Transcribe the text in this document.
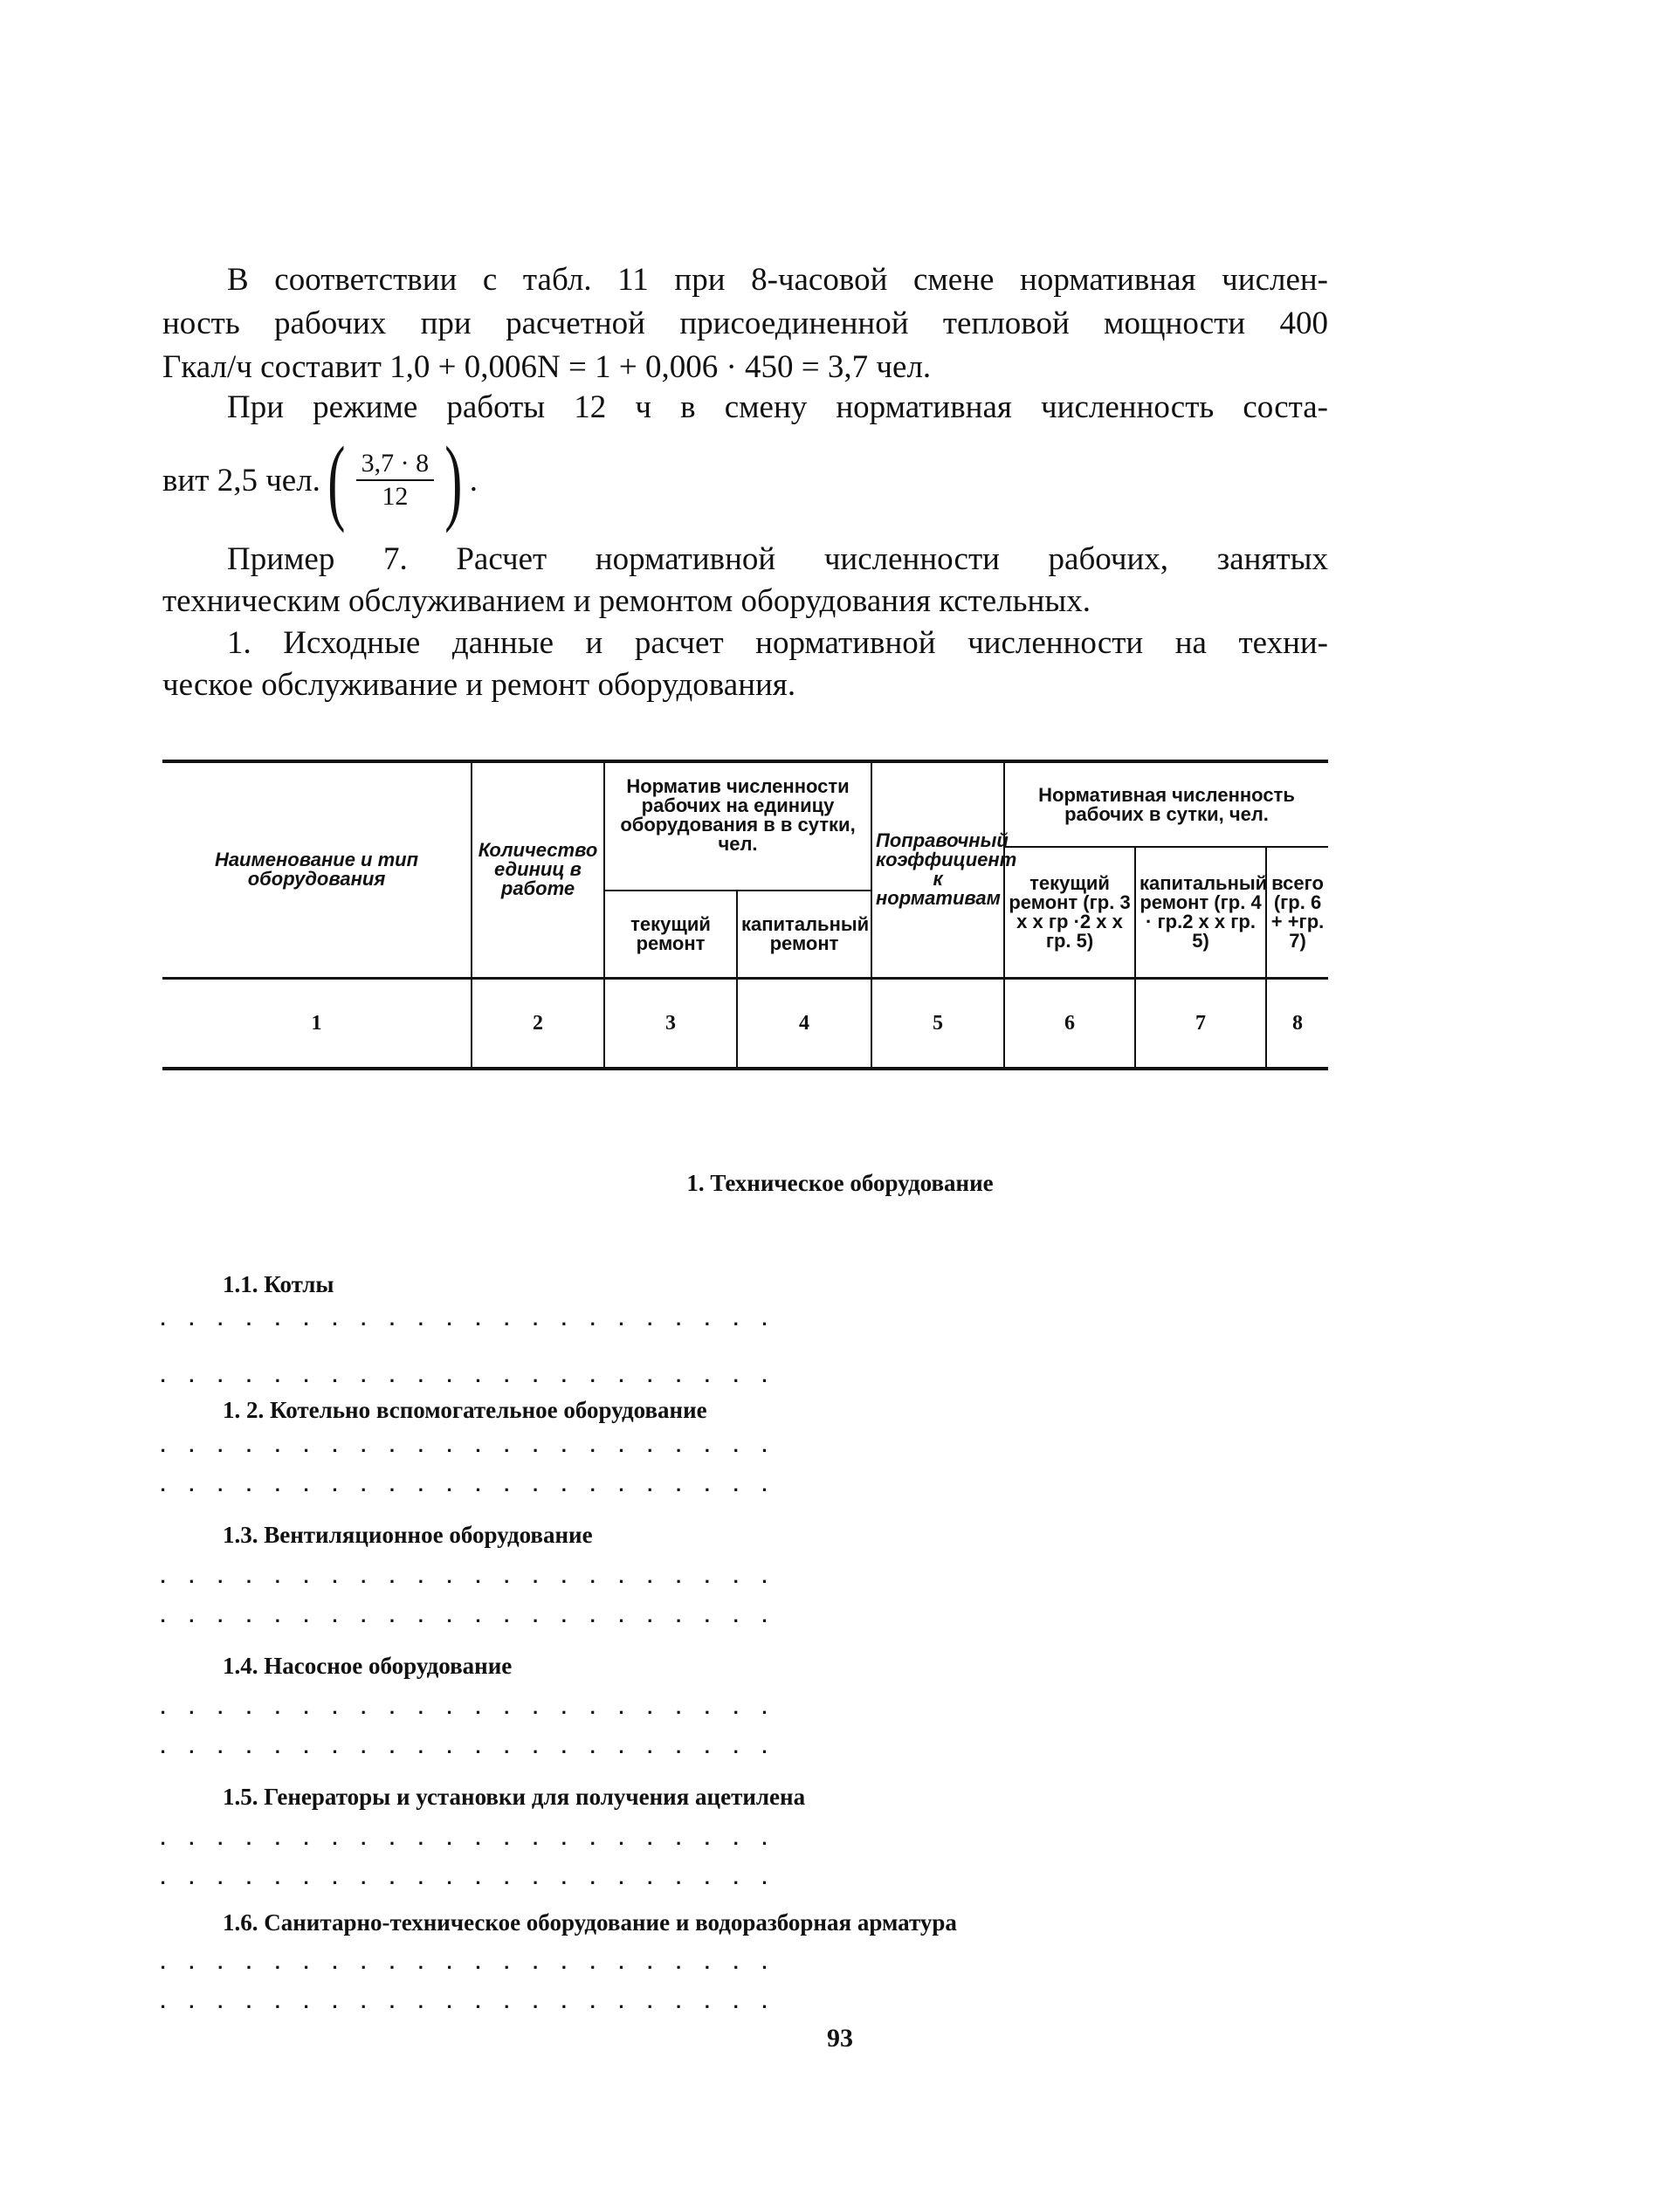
В соответствии с табл. 11 при 8-часовой смене нормативная числен-

ность рабочих при расчетной присоединенной тепловой мощности 400

Гкал/ч составит 1,0 + 0,006N = 1 + 0,006 · 450 = 3,7 чел.

При режиме работы 12 ч в смену нормативная численность соста-

вит 2,5 чел. ( $\frac{3,7 \cdot 8}{12}$ ) .

Пример 7. Расчет нормативной численности рабочих, занятых

техническим обслуживанием и ремонтом оборудования кстельных.

1. Исходные данные и расчет нормативной численности на техни-

ческое обслуживание и ремонт оборудования.

Наименование и тип оборудования	Количество единиц в работе	Норматив численности рабочих на единицу оборудования в в сутки, чел.		Поправочный коэффициент к нормативам	Нормативная численность рабочих в сутки, чел.		
					текущий ремонт (гр. 3 х х гр ·2 х х гр. 5)	капитальный ремонт (гр. 4 · гр.2 х х гр. 5)	всего (гр. 6 + +гр. 7)
		текущий ремонт	капитальный ремонт				
1	2	3	4	5	6	7	8
1. Техническое оборудование
1.1. Котлы
. . . . . . . . . . . . . . . . . . . . . .
. . . . . . . . . . . . . . . . . . . . . .
1. 2. Котельно вспомогательное оборудование
. . . . . . . . . . . . . . . . . . . . . .
. . . . . . . . . . . . . . . . . . . . . .
1.3. Вентиляционное оборудование
. . . . . . . . . . . . . . . . . . . . . .
. . . . . . . . . . . . . . . . . . . . . .
1.4. Насосное оборудование
. . . . . . . . . . . . . . . . . . . . . .
. . . . . . . . . . . . . . . . . . . . . .
1.5. Генераторы и установки для получения ацетилена
. . . . . . . . . . . . . . . . . . . . . .
. . . . . . . . . . . . . . . . . . . . . .
1.6. Санитарно-техническое оборудование и водоразборная арматура
. . . . . . . . . . . . . . . . . . . . . .
. . . . . . . . . . . . . . . . . . . . . .
93
